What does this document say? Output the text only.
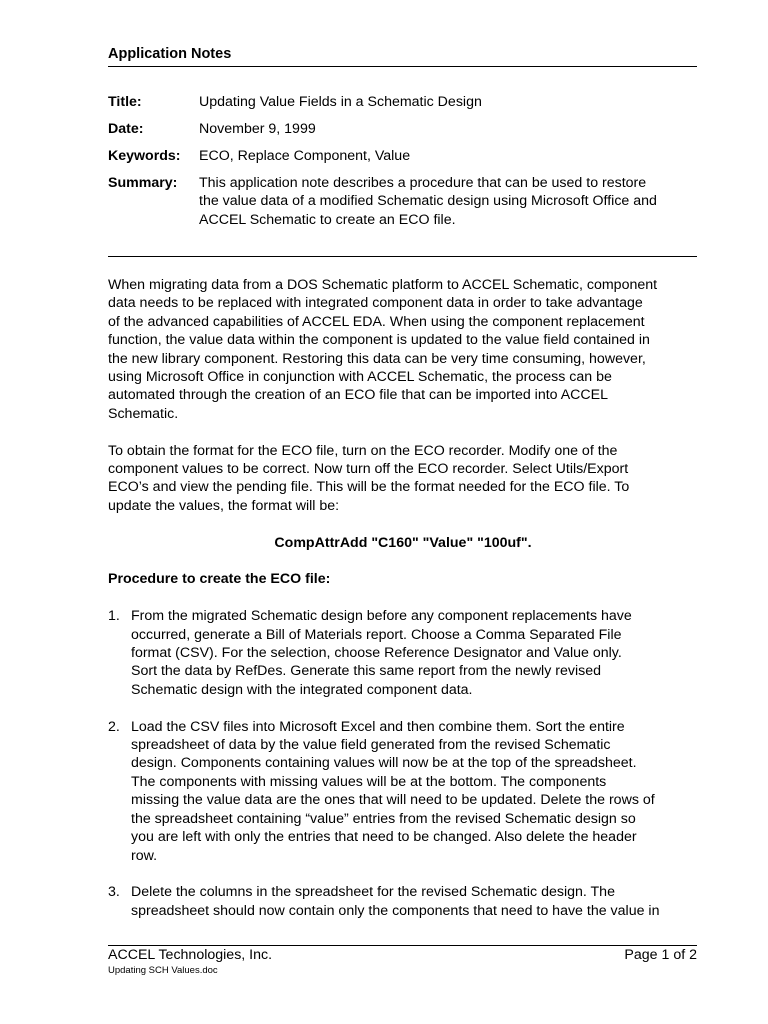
Application Notes
Title:	Updating Value Fields in a Schematic Design
Date:	November 9, 1999
Keywords:	ECO, Replace Component, Value
Summary:	This application note describes a procedure that can be used to restore
the value data of a modified Schematic design using Microsoft Office and
ACCEL Schematic to create an ECO file.

When migrating data from a DOS Schematic platform to ACCEL Schematic, component
data needs to be replaced with integrated component data in order to take advantage
of the advanced capabilities of ACCEL EDA. When using the component replacement
function, the value data within the component is updated to the value field contained in
the new library component. Restoring this data can be very time consuming, however,
using Microsoft Office in conjunction with ACCEL Schematic, the process can be
automated through the creation of an ECO file that can be imported into ACCEL
Schematic.

To obtain the format for the ECO file, turn on the ECO recorder. Modify one of the
component values to be correct. Now turn off the ECO recorder. Select Utils/Export
ECO’s and view the pending file. This will be the format needed for the ECO file. To
update the values, the format will be:

CompAttrAdd "C160" "Value" "100uf".
Procedure to create the ECO file:
1. From the migrated Schematic design before any component replacements have
occurred, generate a Bill of Materials report. Choose a Comma Separated File
format (CSV). For the selection, choose Reference Designator and Value only.
Sort the data by RefDes. Generate this same report from the newly revised
Schematic design with the integrated component data.
2. Load the CSV files into Microsoft Excel and then combine them. Sort the entire
spreadsheet of data by the value field generated from the revised Schematic
design. Components containing values will now be at the top of the spreadsheet.
The components with missing values will be at the bottom. The components
missing the value data are the ones that will need to be updated. Delete the rows of
the spreadsheet containing “value” entries from the revised Schematic design so
you are left with only the entries that need to be changed. Also delete the header
row.
3. Delete the columns in the spreadsheet for the revised Schematic design. The
spreadsheet should now contain only the components that need to have the value in
ACCEL Technologies, Inc.	Page 1 of 2
Updating SCH Values.doc
